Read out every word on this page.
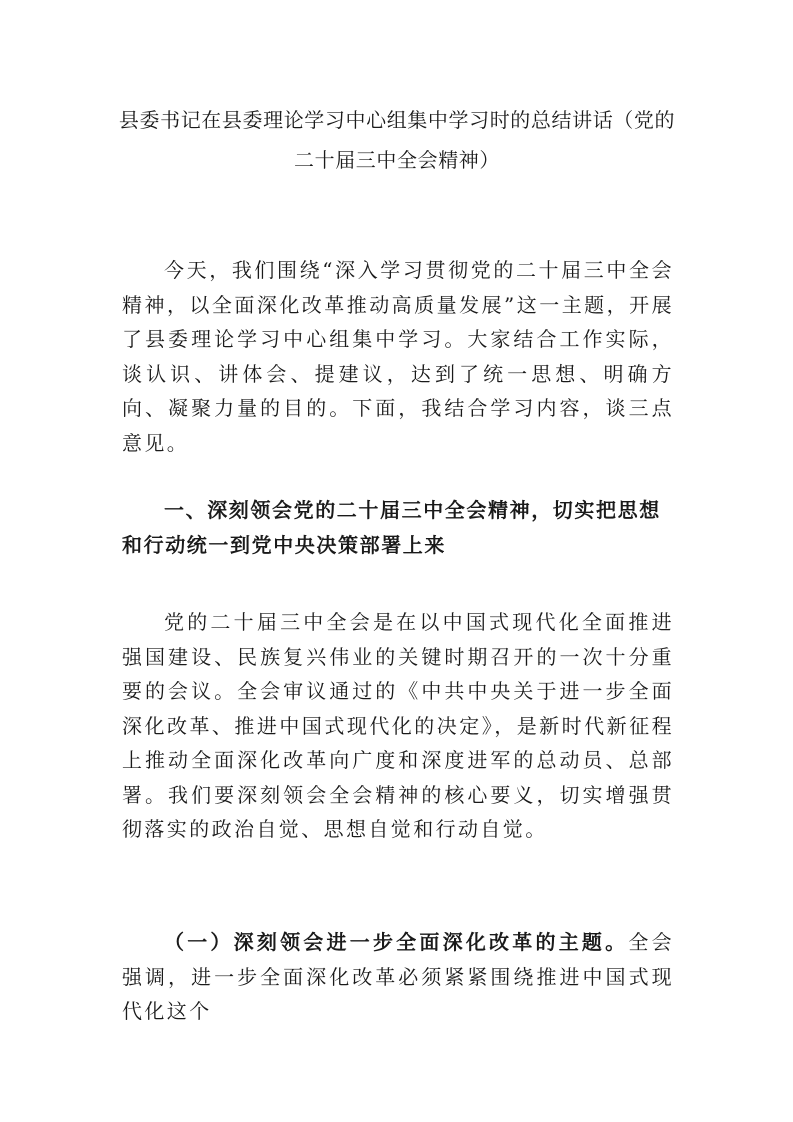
县委书记在县委理论学习中心组集中学习时的总结讲话（党的二十届三中全会精神）

今天，我们围绕“深入学习贯彻党的二十届三中全会精神，以全面深化改革推动高质量发展”这一主题，开展了县委理论学习中心组集中学习。大家结合工作实际，谈认识、讲体会、提建议，达到了统一思想、明确方向、凝聚力量的目的。下面，我结合学习内容，谈三点意见。

一、深刻领会党的二十届三中全会精神，切实把思想和行动统一到党中央决策部署上来

党的二十届三中全会是在以中国式现代化全面推进强国建设、民族复兴伟业的关键时期召开的一次十分重要的会议。全会审议通过的《中共中央关于进一步全面深化改革、推进中国式现代化的决定》，是新时代新征程上推动全面深化改革向广度和深度进军的总动员、总部署。我们要深刻领会全会精神的核心要义，切实增强贯彻落实的政治自觉、思想自觉和行动自觉。

（一）深刻领会进一步全面深化改革的主题。全会强调，进一步全面深化改革必须紧紧围绕推进中国式现代化这个
